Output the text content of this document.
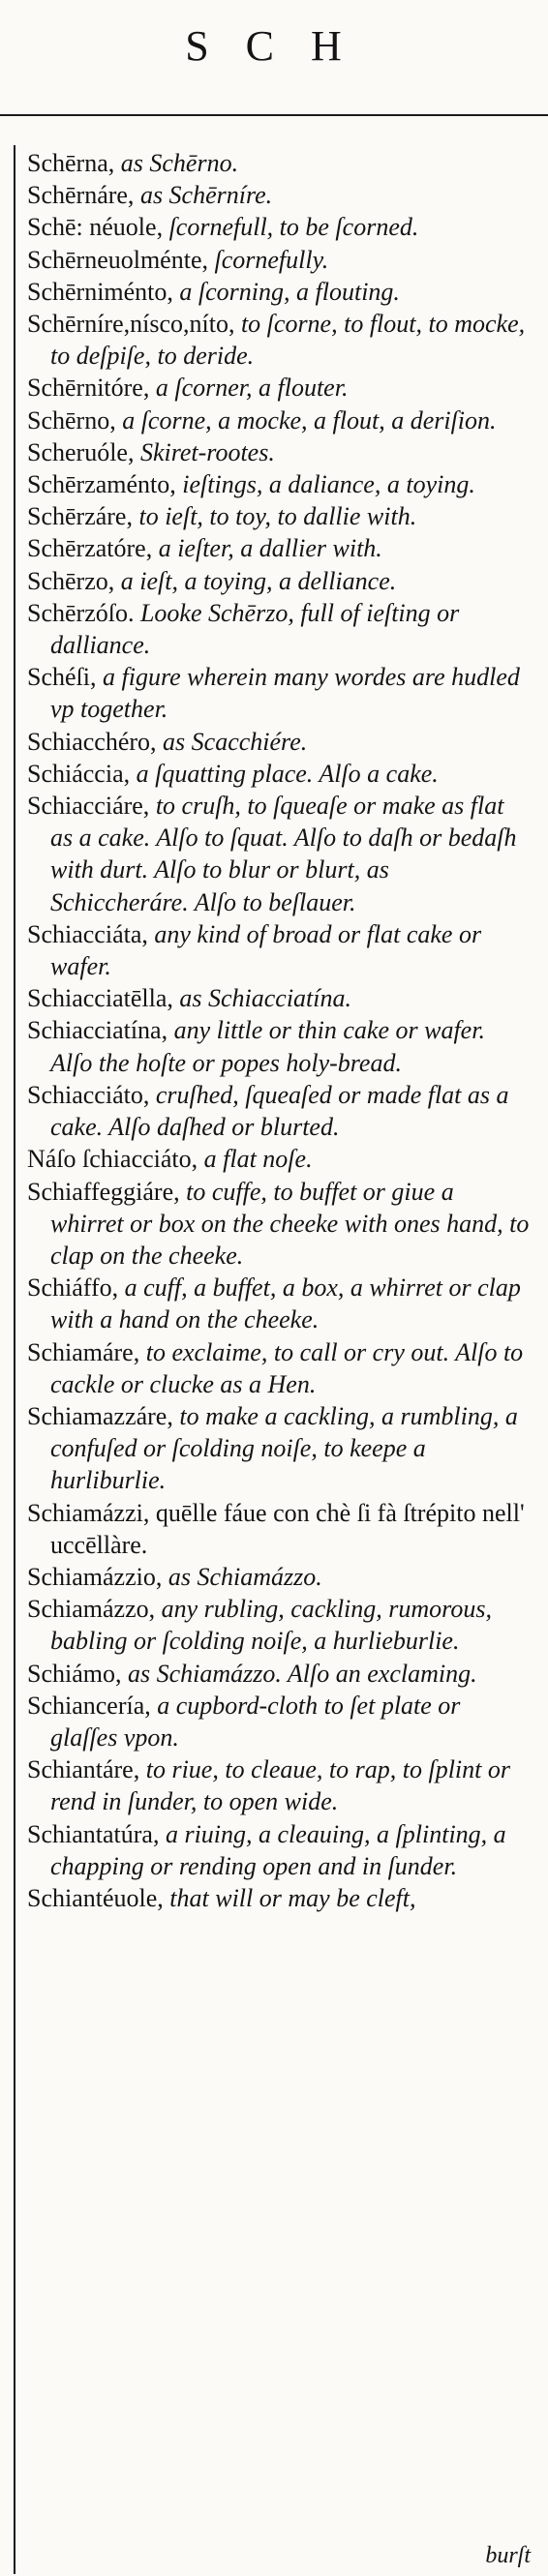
SCH

Schērna, as Schērno.

Schērnáre, as Schērníre.

Schē: néuole, ſcornefull, to be ſcorned.

Schērneuolménte, ſcornefully.

Schērniménto, a ſcorning, a flouting.

Schērníre,nísco,níto, to ſcorne, to flout, to mocke, to deſpiſe, to deride.

Schērnitóre, a ſcorner, a flouter.

Schērno, a ſcorne, a mocke, a flout, a deriſion.

Scheruóle, Skiret-rootes.

Schērzaménto, ieſtings, a daliance, a toying.

Schērzáre, to ieſt, to toy, to dallie with.

Schērzatóre, a ieſter, a dallier with.

Schērzo, a ieſt, a toying, a delliance.

Schērzóſo. Looke Schērzo, full of ieſting or dalliance.

Schéſi, a figure wherein many wordes are hudled vp together.

Schiacchéro, as Scacchiére.

Schiáccia, a ſquatting place. Alſo a cake.

Schiacciáre, to cruſh, to ſqueaſe or make as flat as a cake. Alſo to ſquat. Alſo to daſh or bedaſh with durt. Alſo to blur or blurt, as Schiccheráre. Alſo to beſlauer.

Schiacciáta, any kind of broad or flat cake or wafer.

Schiacciatēlla, as Schiacciatína.

Schiacciatína, any little or thin cake or wafer. Alſo the hoſte or popes holy-bread.

Schiacciáto, cruſhed, ſqueaſed or made flat as a cake. Alſo daſhed or blurted.

Náſo ſchiacciáto, a flat noſe.

Schiaffeggiáre, to cuffe, to buffet or giue a whirret or box on the cheeke with ones hand, to clap on the cheeke.

Schiáffo, a cuff, a buffet, a box, a whirret or clap with a hand on the cheeke.

Schiamáre, to exclaime, to call or cry out. Alſo to cackle or clucke as a Hen.

Schiamazzáre, to make a cackling, a rumbling, a confuſed or ſcolding noiſe, to keepe a hurliburlie.

Schiamázzi, quēlle fáue con chè ſi fà ſtrépito nell' uccēllàre.

Schiamázzio, as Schiamázzo.

Schiamázzo, any rubling, cackling, rumorous, babling or ſcolding noiſe, a hurlieburlie.

Schiámo, as Schiamázzo. Alſo an exclaming.

Schiancería, a cupbord-cloth to ſet plate or glaſſes vpon.

Schiantáre, to riue, to cleaue, to rap, to ſplint or rend in ſunder, to open wide.

Schiantatúra, a riuing, a cleauing, a ſplinting, a chapping or rending open and in ſunder.

Schiantéuole, that will or may be cleft,

burſt
